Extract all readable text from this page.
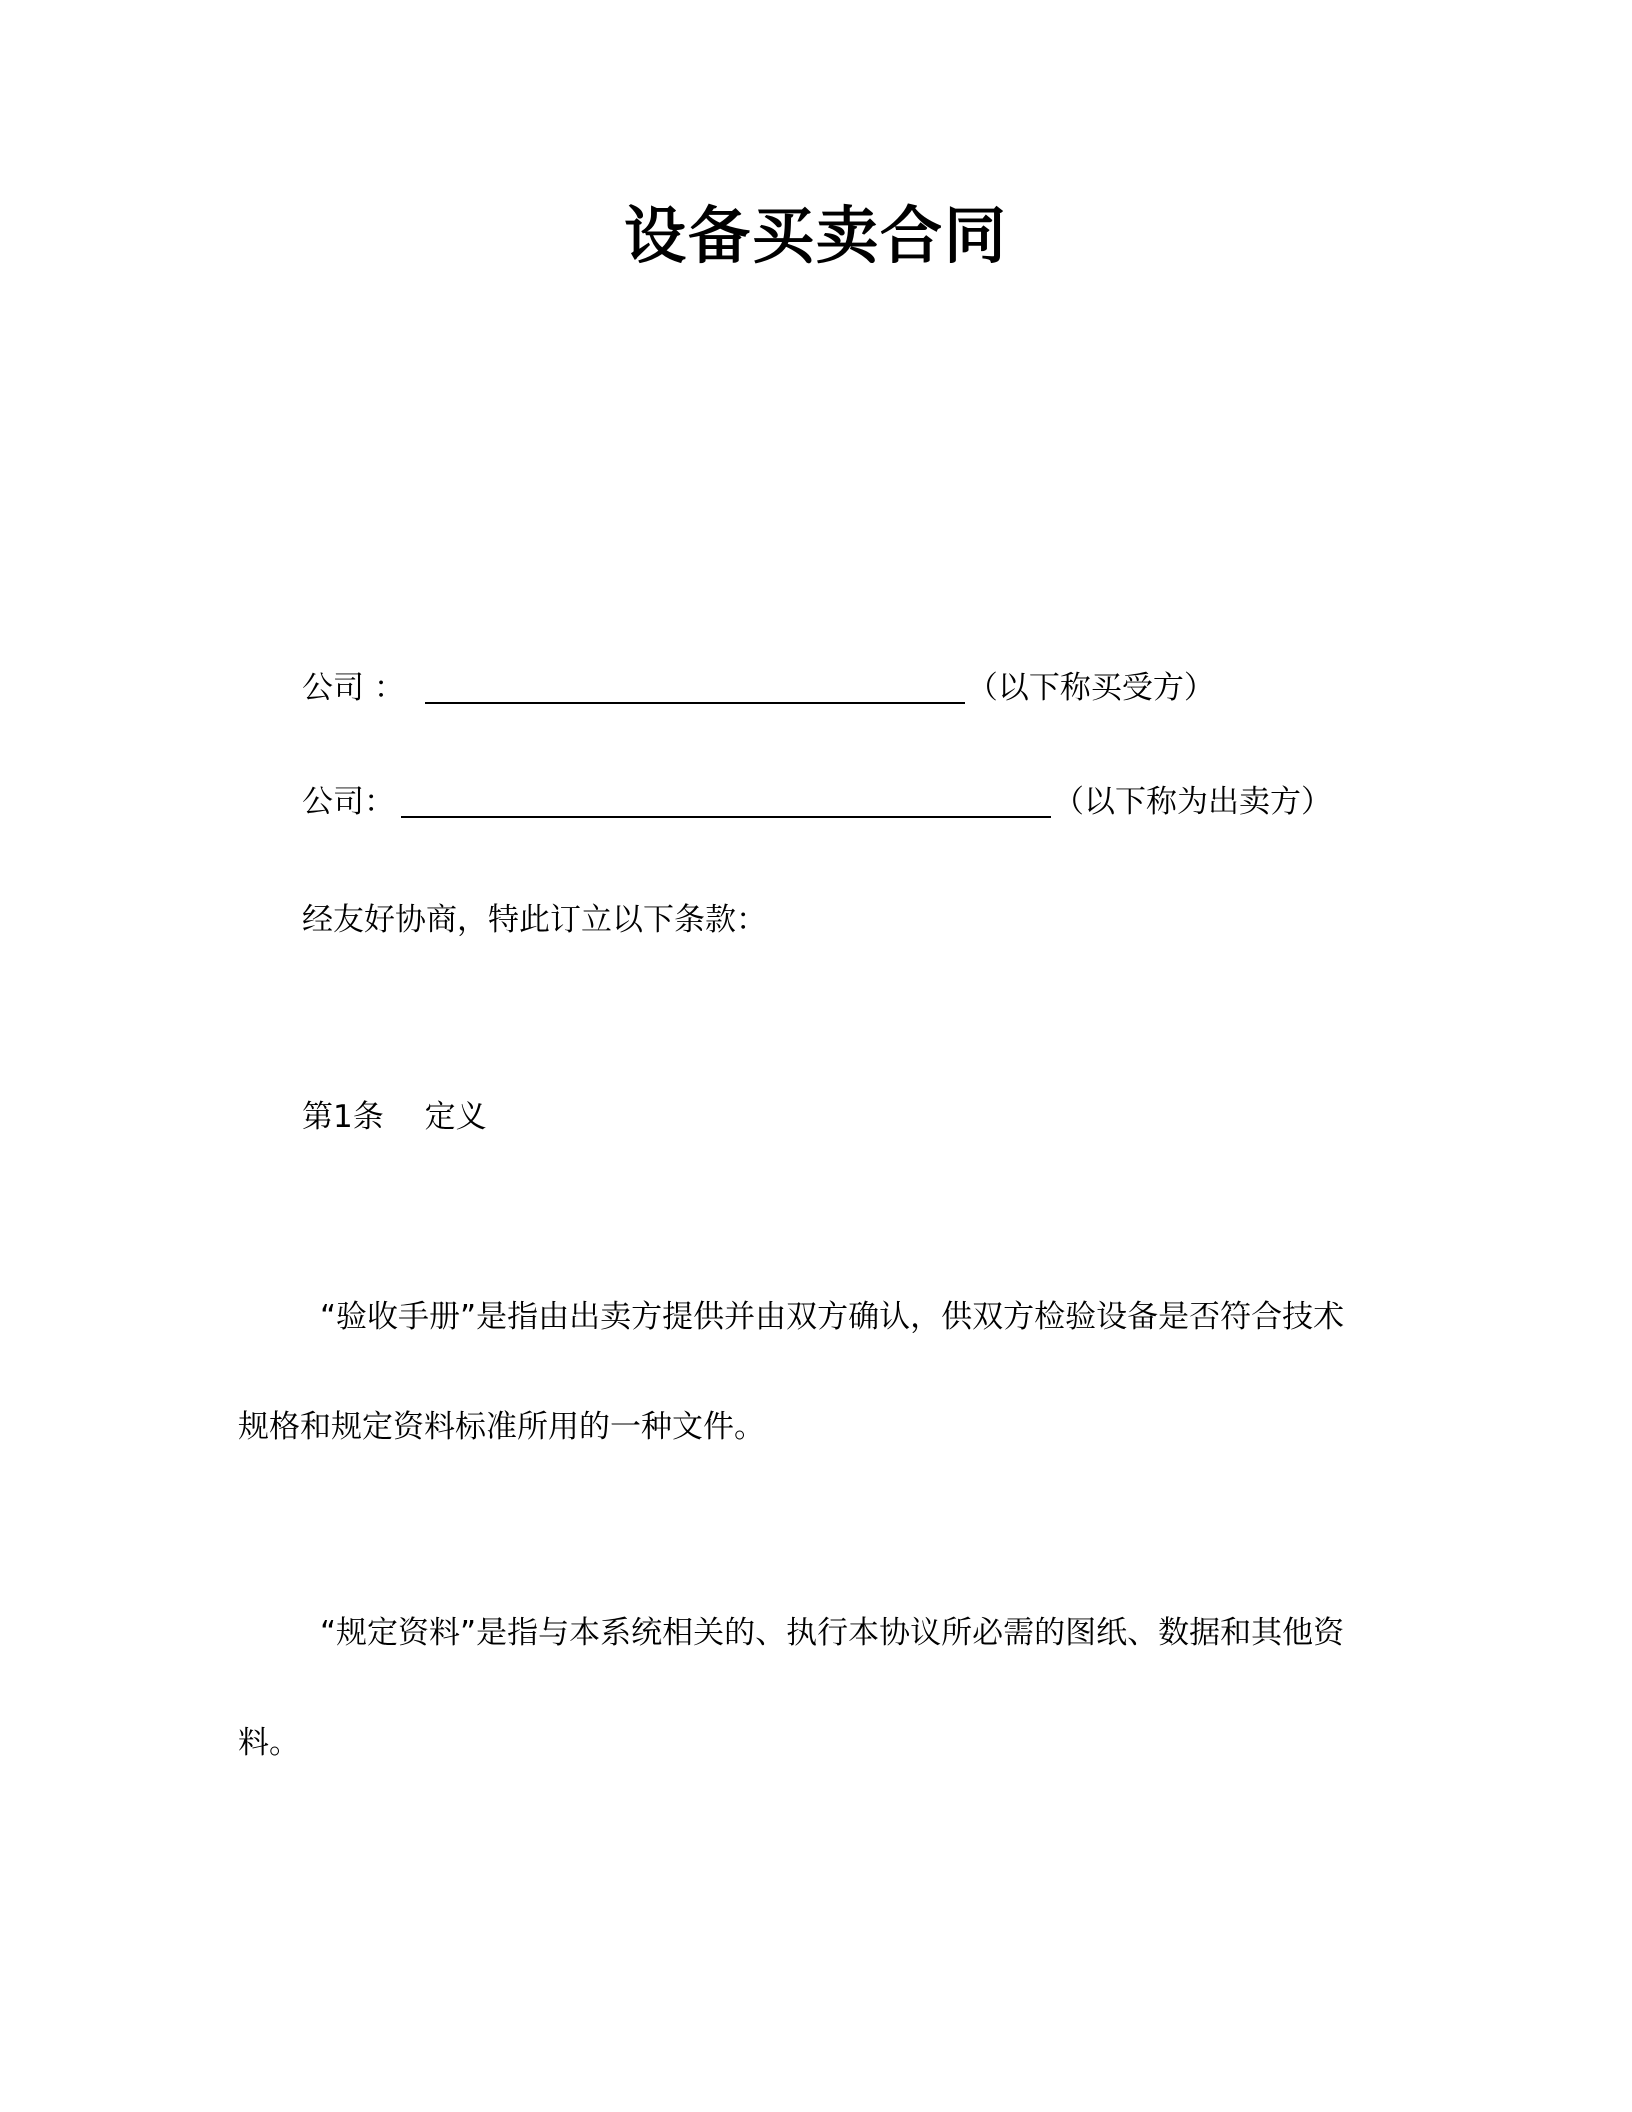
设备买卖合同
公司 ：	（以下称买受方）
公司：	（以下称为出卖方）
经友好协商，特此订立以下条款：
第1条　 定义
“验收手册”是指由出卖方提供并由双方确认，供双方检验设备是否符合技术
规格和规定资料标准所用的一种文件。
“规定资料”是指与本系统相关的、执行本协议所必需的图纸、数据和其他资
料。
